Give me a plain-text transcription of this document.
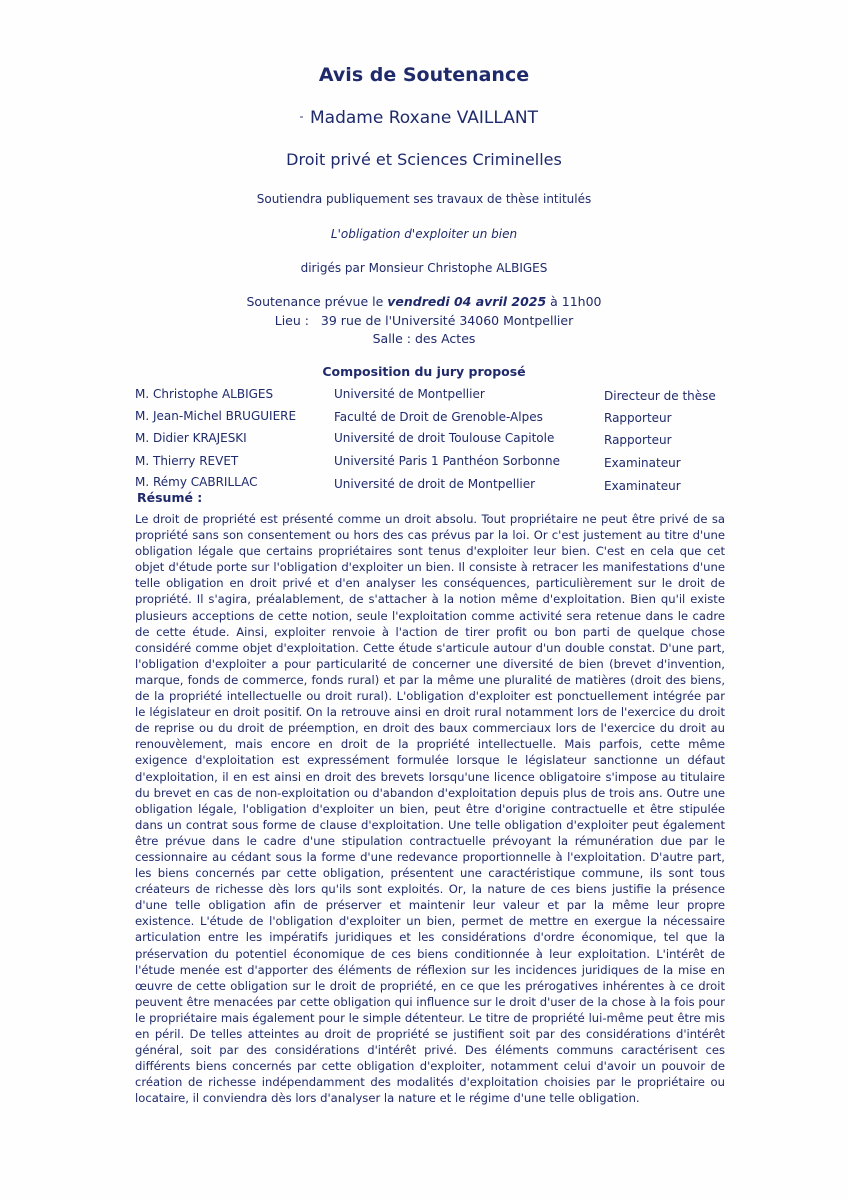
Avis de Soutenance
Madame Roxane VAILLANT
Droit privé et Sciences Criminelles
Soutiendra publiquement ses travaux de thèse intitulés
L'obligation d'exploiter un bien
dirigés par Monsieur Christophe ALBIGES
Soutenance prévue le vendredi 04 avril 2025 à 11h00
Lieu : 39 rue de l'Université 34060 Montpellier
Salle : des Actes
Composition du jury proposé
M. Christophe ALBIGES	Université de Montpellier	Directeur de thèse
M. Jean-Michel BRUGUIERE	Faculté de Droit de Grenoble-Alpes	Rapporteur
M. Didier KRAJESKI	Université de droit Toulouse Capitole	Rapporteur
M. Thierry REVET	Université Paris 1 Panthéon Sorbonne	Examinateur
M. Rémy CABRILLAC	Université de droit de Montpellier	Examinateur
Résumé :
Le droit de propriété est présenté comme un droit absolu. Tout propriétaire ne peut être privé de sa propriété sans son consentement ou hors des cas prévus par la loi. Or c'est justement au titre d'une obligation légale que certains propriétaires sont tenus d'exploiter leur bien. C'est en cela que cet objet d'étude porte sur l'obligation d'exploiter un bien. Il consiste à retracer les manifestations d'une telle obligation en droit privé et d'en analyser les conséquences, particulièrement sur le droit de propriété. Il s'agira, préalablement, de s'attacher à la notion même d'exploitation. Bien qu'il existe plusieurs acceptions de cette notion, seule l'exploitation comme activité sera retenue dans le cadre de cette étude. Ainsi, exploiter renvoie à l'action de tirer profit ou bon parti de quelque chose considéré comme objet d'exploitation. Cette étude s'articule autour d'un double constat. D'une part, l'obligation d'exploiter a pour particularité de concerner une diversité de bien (brevet d'invention, marque, fonds de commerce, fonds rural) et par la même une pluralité de matières (droit des biens, de la propriété intellectuelle ou droit rural). L'obligation d'exploiter est ponctuellement intégrée par le législateur en droit positif. On la retrouve ainsi en droit rural notamment lors de l'exercice du droit de reprise ou du droit de préemption, en droit des baux commerciaux lors de l'exercice du droit au renouvèlement, mais encore en droit de la propriété intellectuelle. Mais parfois, cette même exigence d'exploitation est expressément formulée lorsque le législateur sanctionne un défaut d'exploitation, il en est ainsi en droit des brevets lorsqu'une licence obligatoire s'impose au titulaire du brevet en cas de non-exploitation ou d'abandon d'exploitation depuis plus de trois ans. Outre une obligation légale, l'obligation d'exploiter un bien, peut être d'origine contractuelle et être stipulée dans un contrat sous forme de clause d'exploitation. Une telle obligation d'exploiter peut également être prévue dans le cadre d'une stipulation contractuelle prévoyant la rémunération due par le cessionnaire au cédant sous la forme d'une redevance proportionnelle à l'exploitation. D'autre part, les biens concernés par cette obligation, présentent une caractéristique commune, ils sont tous créateurs de richesse dès lors qu'ils sont exploités. Or, la nature de ces biens justifie la présence d'une telle obligation afin de préserver et maintenir leur valeur et par la même leur propre existence. L'étude de l'obligation d'exploiter un bien, permet de mettre en exergue la nécessaire articulation entre les impératifs juridiques et les considérations d'ordre économique, tel que la préservation du potentiel économique de ces biens conditionnée à leur exploitation. L'intérêt de l'étude menée est d'apporter des éléments de réflexion sur les incidences juridiques de la mise en œuvre de cette obligation sur le droit de propriété, en ce que les prérogatives inhérentes à ce droit peuvent être menacées par cette obligation qui influence sur le droit d'user de la chose à la fois pour le propriétaire mais également pour le simple détenteur. Le titre de propriété lui-même peut être mis en péril. De telles atteintes au droit de propriété se justifient soit par des considérations d'intérêt général, soit par des considérations d'intérêt privé. Des éléments communs caractérisent ces différents biens concernés par cette obligation d'exploiter, notamment celui d'avoir un pouvoir de création de richesse indépendamment des modalités d'exploitation choisies par le propriétaire ou locataire, il conviendra dès lors d'analyser la nature et le régime d'une telle obligation.
